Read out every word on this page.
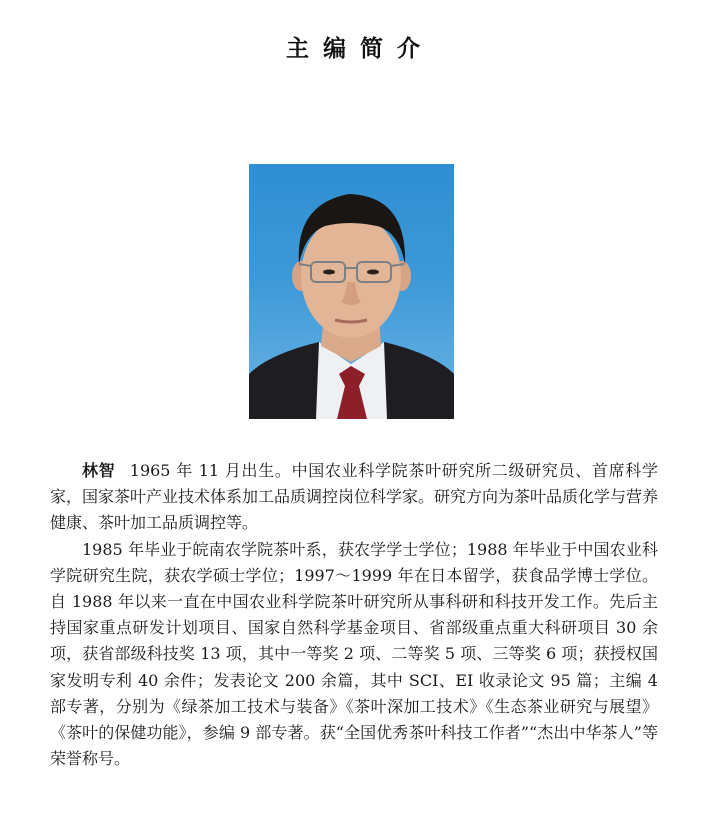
主编简介

林智 1965 年 11 月出生。中国农业科学院茶叶研究所二级研究员、首席科学家，国家茶叶产业技术体系加工品质调控岗位科学家。研究方向为茶叶品质化学与营养健康、茶叶加工品质调控等。

1985 年毕业于皖南农学院茶叶系，获农学学士学位；1988 年毕业于中国农业科学院研究生院，获农学硕士学位；1997～1999 年在日本留学，获食品学博士学位。自 1988 年以来一直在中国农业科学院茶叶研究所从事科研和科技开发工作。先后主持国家重点研发计划项目、国家自然科学基金项目、省部级重点重大科研项目 30 余项，获省部级科技奖 13 项，其中一等奖 2 项、二等奖 5 项、三等奖 6 项；获授权国家发明专利 40 余件；发表论文 200 余篇，其中 SCI、EI 收录论文 95 篇；主编 4 部专著，分别为《绿茶加工技术与装备》《茶叶深加工技术》《生态茶业研究与展望》《茶叶的保健功能》，参编 9 部专著。获“全国优秀茶叶科技工作者”“杰出中华茶人”等荣誉称号。
